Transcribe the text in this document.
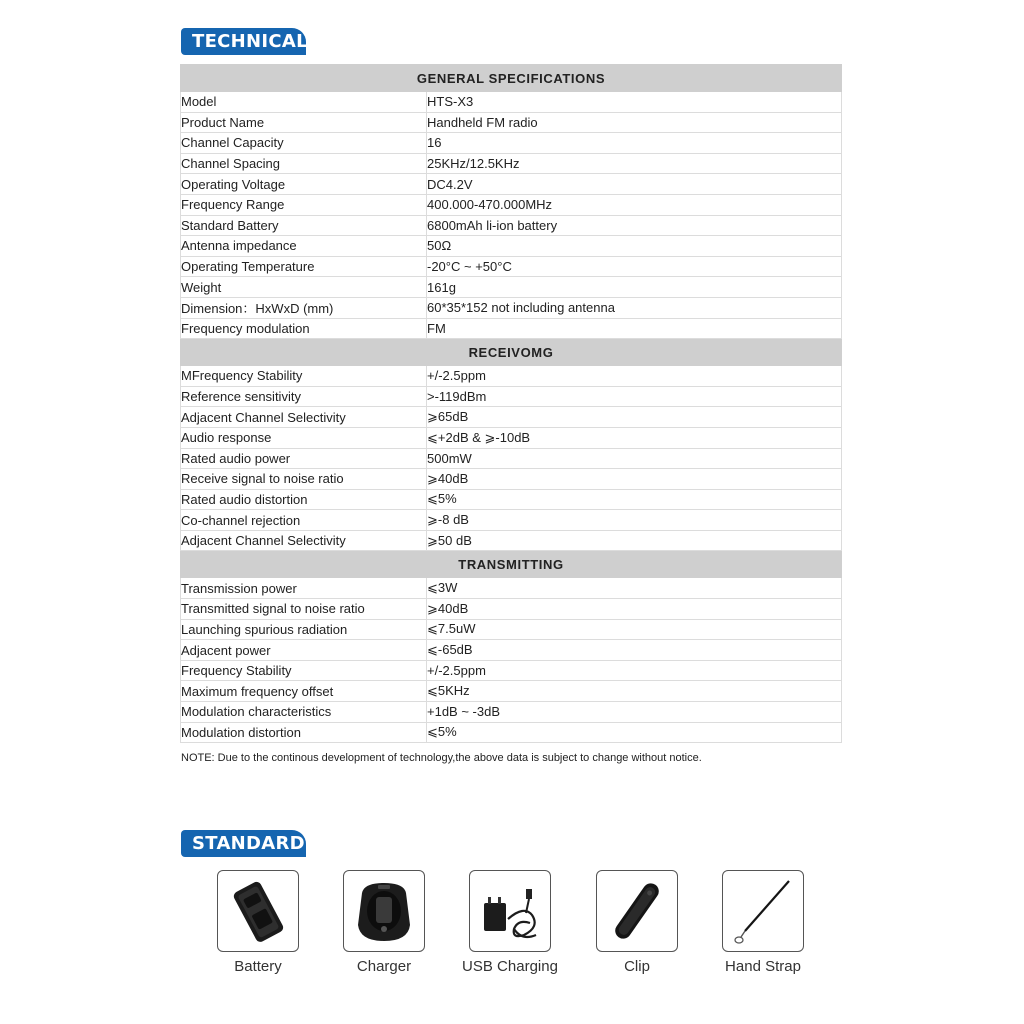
TECHNICAL
GENERAL SPECIFICATIONS	
Model	HTS-X3
Product Name	Handheld FM radio
Channel Capacity	16
Channel Spacing	25KHz/12.5KHz
Operating Voltage	DC4.2V
Frequency Range	400.000-470.000MHz
Standard Battery	6800mAh li-ion battery
Antenna impedance	50Ω
Operating Temperature	-20°C ~ +50°C
Weight	161g
Dimension：HxWxD (mm)	60*35*152 not including antenna
Frequency modulation	FM
RECEIVOMG	
MFrequency Stability	+/-2.5ppm
Reference sensitivity	>-119dBm
Adjacent Channel Selectivity	⩾65dB
Audio response	⩽+2dB & ⩾-10dB
Rated audio power	500mW
Receive signal to noise ratio	⩾40dB
Rated audio distortion	⩽5%
Co-channel rejection	⩾-8 dB
Adjacent Channel Selectivity	⩾50 dB
TRANSMITTING	
Transmission power	⩽3W
Transmitted signal to noise ratio	⩾40dB
Launching spurious radiation	⩽7.5uW
Adjacent power	⩽-65dB
Frequency Stability	+/-2.5ppm
Maximum frequency offset	⩽5KHz
Modulation characteristics	+1dB ~ -3dB
Modulation distortion	⩽5%
NOTE: Due to the continous development of technology,the above data is subject to change without notice.
STANDARD
Battery	Charger	USB Charging	Clip	Hand Strap
